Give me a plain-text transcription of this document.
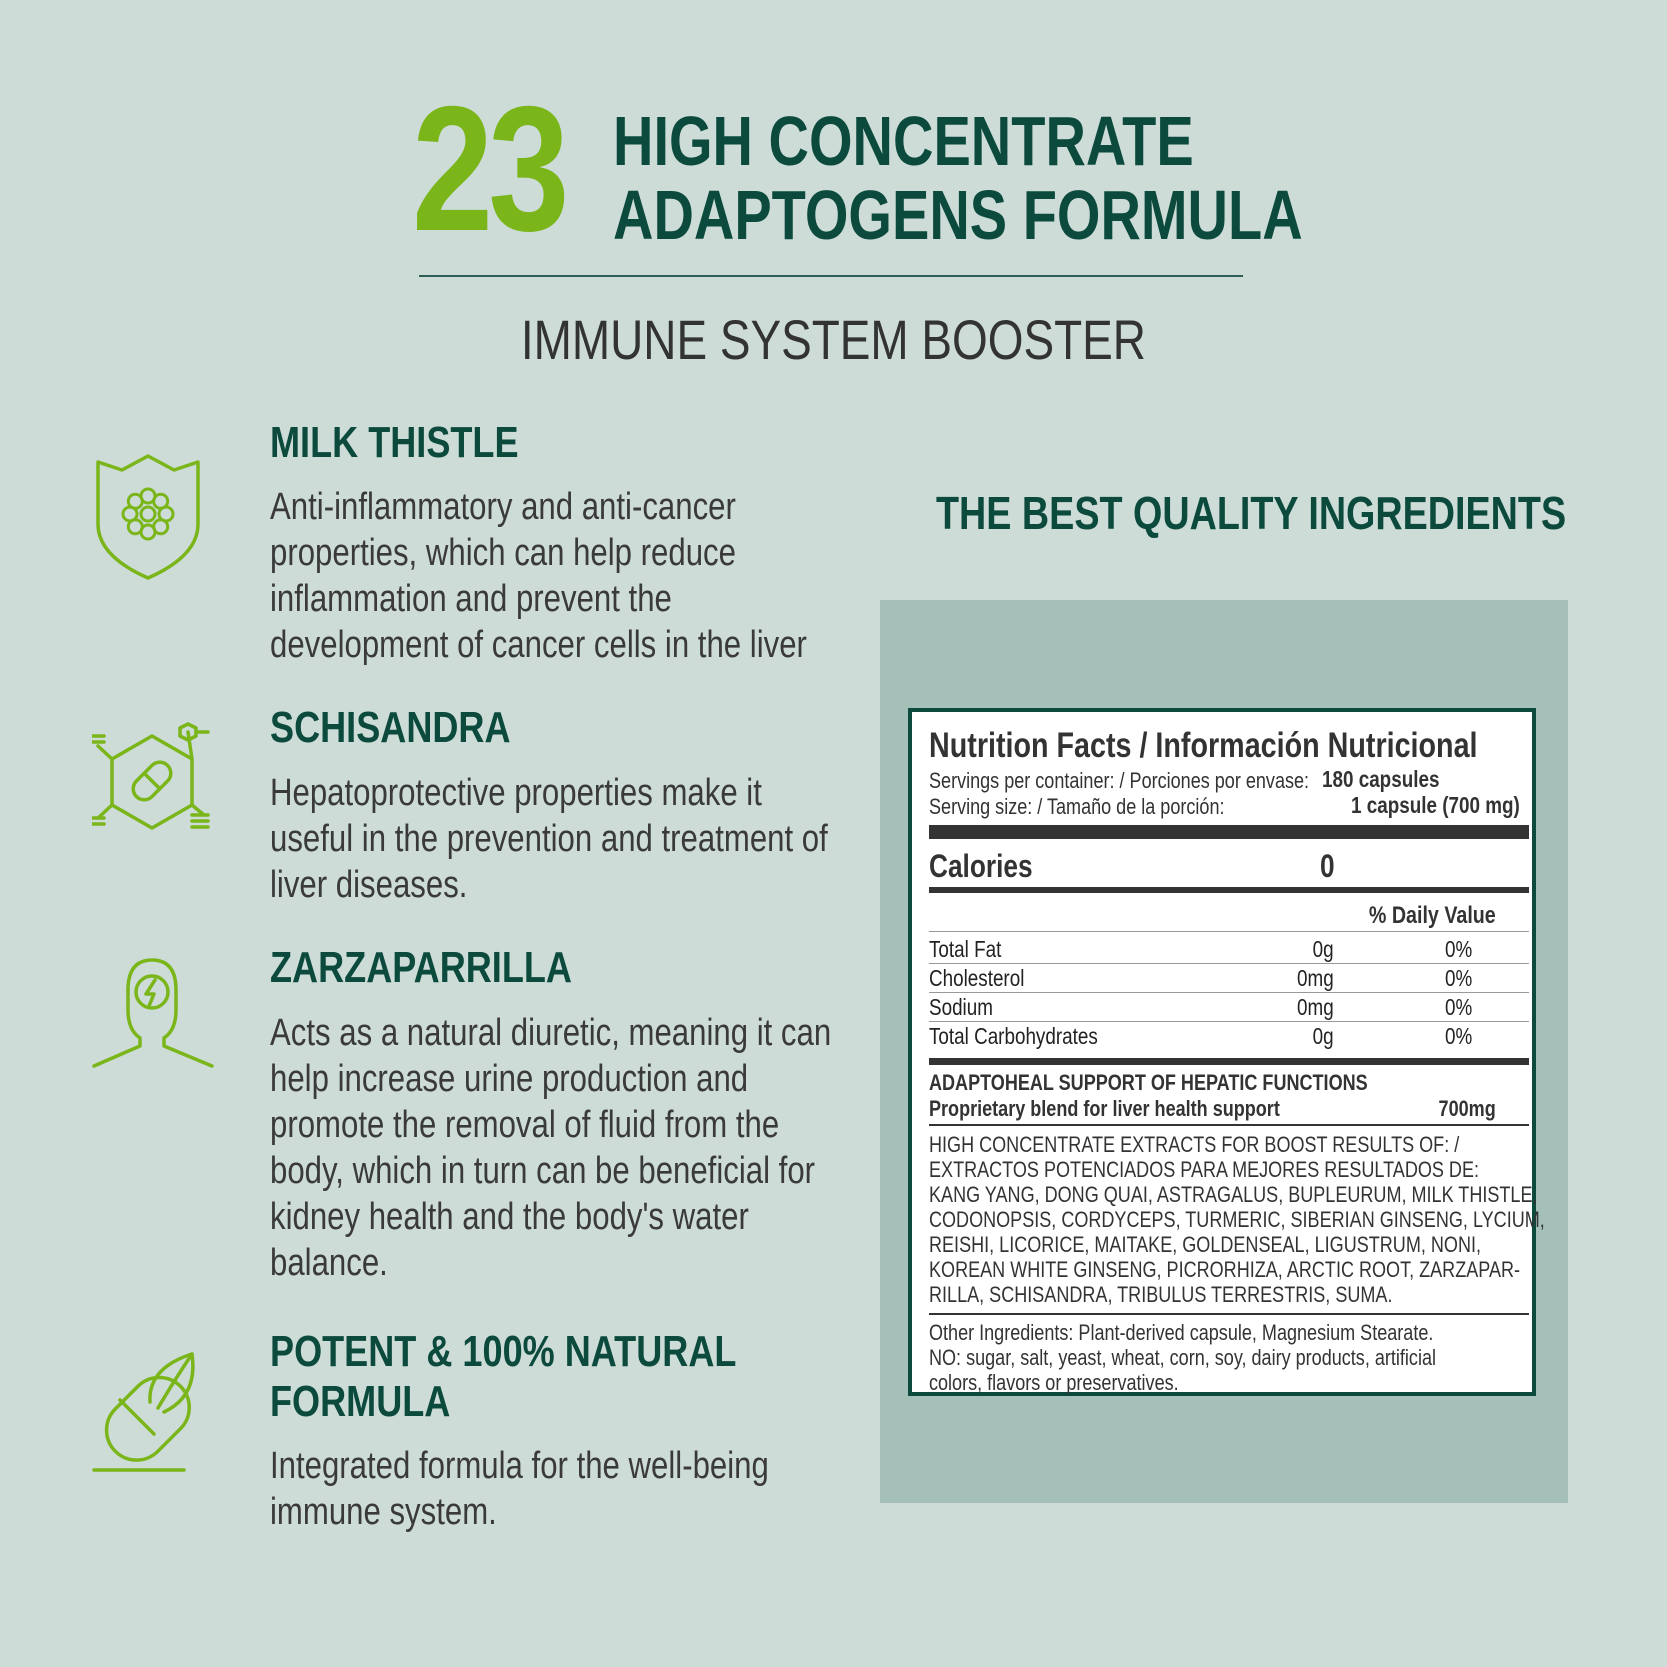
23 HIGH CONCENTRATE
ADAPTOGENS FORMULA
IMMUNE SYSTEM BOOSTER
MILK THISTLE
Anti-inflammatory and anti-cancer
properties, which can help reduce
inflammation and prevent the
development of cancer cells in the liver
SCHISANDRA
Hepatoprotective properties make it
useful in the prevention and treatment of
liver diseases.
ZARZAPARRILLA
Acts as a natural diuretic, meaning it can
help increase urine production and
promote the removal of fluid from the
body, which in turn can be beneficial for
kidney health and the body's water
balance.
POTENT & 100% NATURAL
FORMULA
Integrated formula for the well-being
immune system.
THE BEST QUALITY INGREDIENTS
Nutrition Facts / Información Nutricional
Servings per container: / Porciones por envase: 180 capsules
Serving size: / Tamaño de la porción:	1 capsule (700 mg)
Calories	0
% Daily Value
Total Fat	0g	0%
Cholesterol	0mg	0%
Sodium	0mg	0%
Total Carbohydrates	0g	0%
ADAPTOHEAL SUPPORT OF HEPATIC FUNCTIONS
Proprietary blend for liver health support	700mg
HIGH CONCENTRATE EXTRACTS FOR BOOST RESULTS OF: /
EXTRACTOS POTENCIADOS PARA MEJORES RESULTADOS DE:
KANG YANG, DONG QUAI, ASTRAGALUS, BUPLEURUM, MILK THISTLE,
CODONOPSIS, CORDYCEPS, TURMERIC, SIBERIAN GINSENG, LYCIUM,
REISHI, LICORICE, MAITAKE, GOLDENSEAL, LIGUSTRUM, NONI,
KOREAN WHITE GINSENG, PICRORHIZA, ARCTIC ROOT, ZARZAPAR-
RILLA, SCHISANDRA, TRIBULUS TERRESTRIS, SUMA.
Other Ingredients: Plant-derived capsule, Magnesium Stearate.
NO: sugar, salt, yeast, wheat, corn, soy, dairy products, artificial
colors, flavors or preservatives.
